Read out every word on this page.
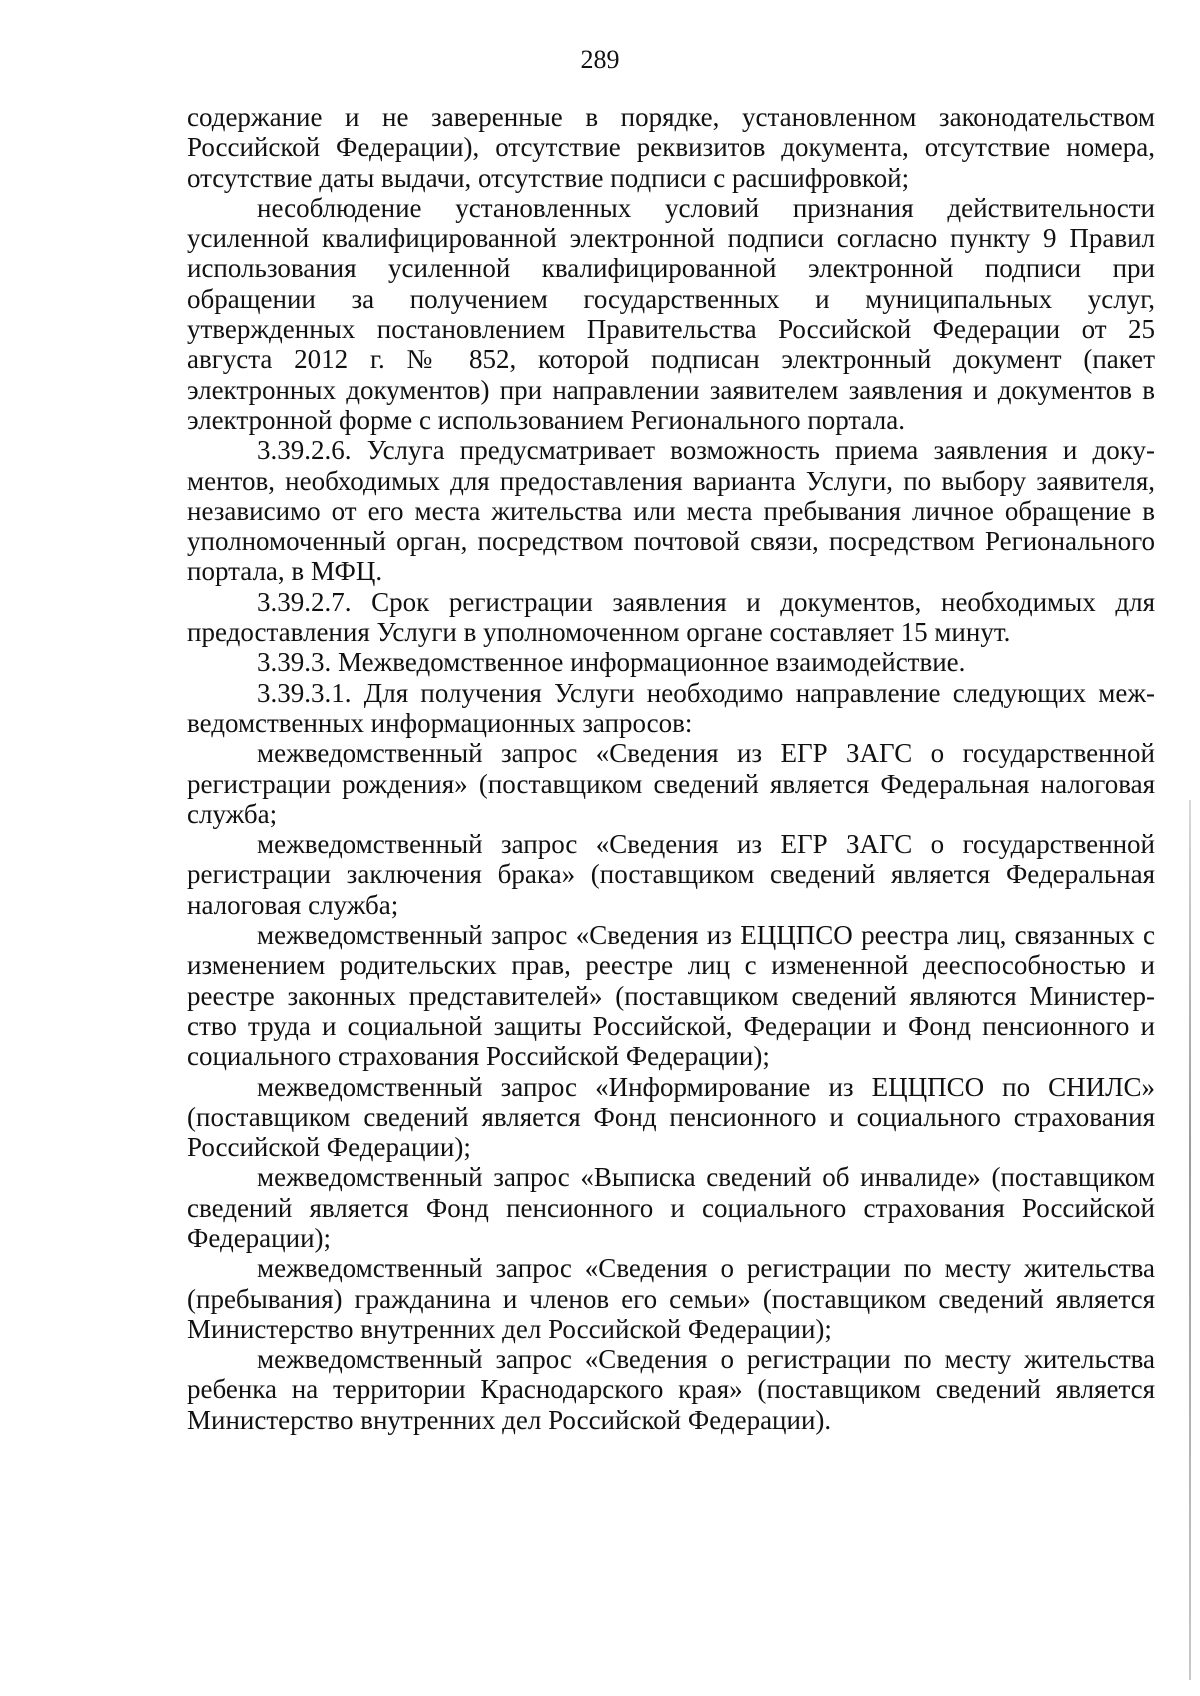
289

содержание и не заверенные в порядке, установленном законодательством Российской Федерации), отсутствие реквизитов документа, отсутствие номера, отсутствие даты выдачи, отсутствие подписи с расшифровкой;

несоблюдение установленных условий признания действительности усиленной квалифицированной электронной подписи согласно пункту 9 Правил использования усиленной квалифицированной электронной подписи при обращении за получением государственных и муниципальных услуг, утвержденных постановлением Правительства Российской Федерации от 25 августа 2012 г. № 852, которой подписан электронный документ (пакет электронных документов) при направлении заявителем заявления и документов в электронной форме с использованием Регионального портала.

3.39.2.6. Услуга предусматривает возможность приема заявления и документов, необходимых для предоставления варианта Услуги, по выбору заявителя, независимо от его места жительства или места пребывания личное обращение в уполномоченный орган, посредством почтовой связи, посредством Регионального портала, в МФЦ.

3.39.2.7. Срок регистрации заявления и документов, необходимых для предоставления Услуги в уполномоченном органе составляет 15 минут.

3.39.3. Межведомственное информационное взаимодействие.

3.39.3.1. Для получения Услуги необходимо направление следующих межведомственных информационных запросов:

межведомственный запрос «Сведения из ЕГР ЗАГС о государственной регистрации рождения» (поставщиком сведений является Федеральная налоговая служба;

межведомственный запрос «Сведения из ЕГР ЗАГС о государственной регистрации заключения брака» (поставщиком сведений является Федеральная налоговая служба;

межведомственный запрос «Сведения из ЕЦЦПСО реестра лиц, связанных с изменением родительских прав, реестре лиц с измененной дееспособностью и реестре законных представителей» (поставщиком сведений являются Министерство труда и социальной защиты Российской, Федерации и Фонд пенсионного и социального страхования Российской Федерации);

межведомственный запрос «Информирование из ЕЦЦПСО по СНИЛС» (поставщиком сведений является Фонд пенсионного и социального страхования Российской Федерации);

межведомственный запрос «Выписка сведений об инвалиде» (поставщиком сведений является Фонд пенсионного и социального страхования Российской Федерации);

межведомственный запрос «Сведения о регистрации по месту жительства (пребывания) гражданина и членов его семьи» (поставщиком сведений является Министерство внутренних дел Российской Федерации);

межведомственный запрос «Сведения о регистрации по месту жительства ребенка на территории Краснодарского края» (поставщиком сведений является Министерство внутренних дел Российской Федерации).
